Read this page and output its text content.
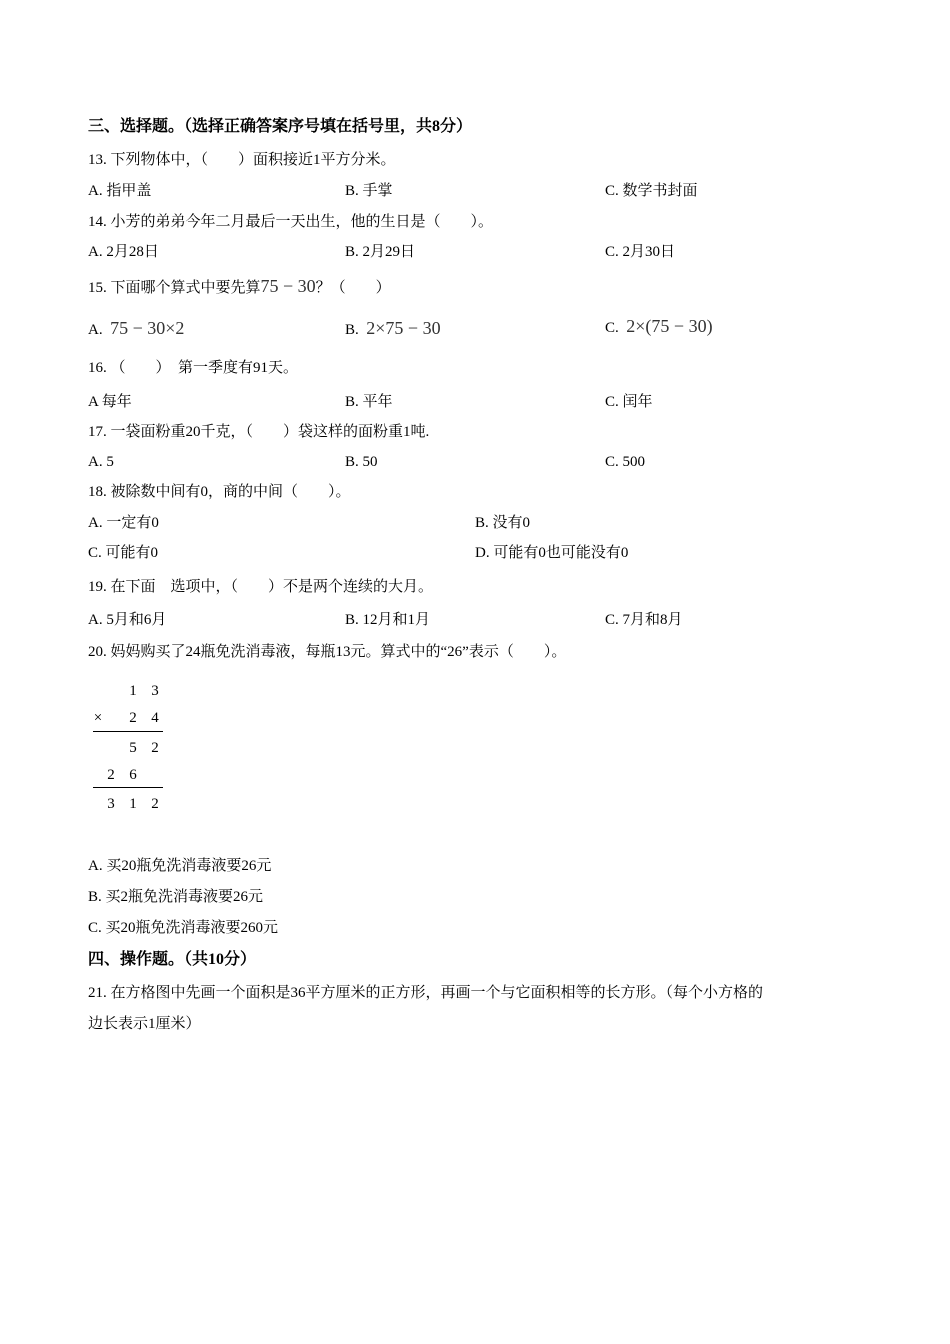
三、选择题。（选择正确答案序号填在括号里，共8分）
13. 下列物体中，（　　）面积接近1平方分米。
A. 指甲盖	B. 手掌	C. 数学书封面
14. 小芳的弟弟今年二月最后一天出生，他的生日是（　　）。
A. 2月28日	B. 2月29日	C. 2月30日
15. 下面哪个算式中要先算75 − 30？（　　）
A. 75 − 30×2	B. 2×75 − 30	C. 2×(75 − 30)
16. （　　）　第一季度有91天。
A 每年	B. 平年	C. 闰年
17. 一袋面粉重20千克，（　　）袋这样的面粉重1吨.
A. 5	B. 50	C. 500
18. 被除数中间有0，商的中间（　　）。
A. 一定有0	B. 没有0
C. 可能有0	D. 可能有0也可能没有0
19. 在下面　选项中，（　　）不是两个连续的大月。
A. 5月和6月	B. 12月和1月	C. 7月和8月
20. 妈妈购买了24瓶免洗消毒液，每瓶13元。算式中的“26”表示（　　）。
1 3
× 2 4
5 2
2 6
3 1 2
A. 买20瓶免洗消毒液要26元
B. 买2瓶免洗消毒液要26元
C. 买20瓶免洗消毒液要260元
四、操作题。（共10分）
21. 在方格图中先画一个面积是36平方厘米的正方形，再画一个与它面积相等的长方形。（每个小方格的
边长表示1厘米）
